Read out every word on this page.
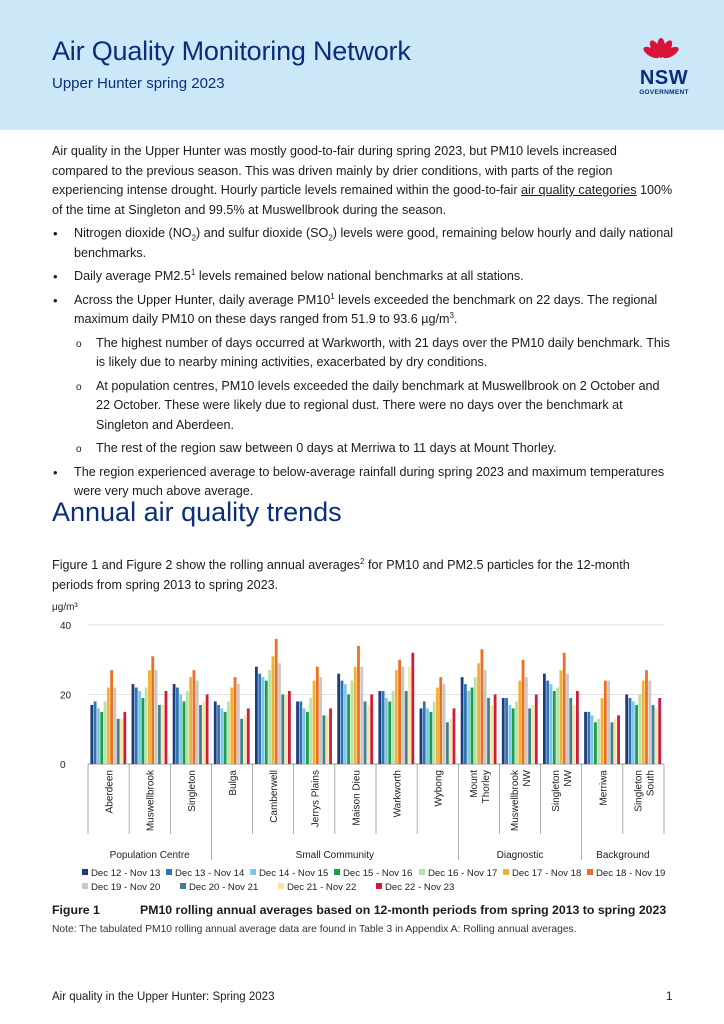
Air Quality Monitoring Network
Upper Hunter spring 2023	NSW
GOVERNMENT
Air quality in the Upper Hunter was mostly good-to-fair during spring 2023, but PM10 levels increased compared to the previous season. This was driven mainly by drier conditions, with parts of the region experiencing intense drought. Hourly particle levels remained within the good-to-fair air quality categories 100% of the time at Singleton and 99.5% at Muswellbrook during the season.
• Nitrogen dioxide $(NO_2)$ and sulfur dioxide $(SO_2)$ levels were good, remaining below hourly and daily national benchmarks.
• Daily average $PM2.5^1$ levels remained below national benchmarks at all stations.
• Across the Upper Hunter, daily average $PM10^1$ levels exceeded the benchmark on 22 days. The regional maximum daily PM10 on these days ranged from 51.9 to 93.6 $\mu g/m^3$.
o The highest number of days occurred at Warkworth, with 21 days over the PM10 daily benchmark. This is likely due to nearby mining activities, exacerbated by dry conditions.
o At population centres, PM10 levels exceeded the daily benchmark at Muswellbrook on 2 October and 22 October. These were likely due to regional dust. There were no days over the benchmark at Singleton and Aberdeen.
o The rest of the region saw between 0 days at Merriwa to 11 days at Mount Thorley.
• The region experienced average to below-average rainfall during spring 2023 and maximum temperatures were very much above average.
Annual air quality trends
Figure 1 and Figure 2 show the rolling annual averages$^2$ for PM10 and PM2.5 particles for the 12-month periods from spring 2013 to spring 2023.
µg/m³
0
20
40
Aberdeen	Muswellbrook	Singleton	Bulga	Camberwell	Jerrys Plains	Maison Dieu	Warkworth	Wybong Mount Thorley Muswellbrook NW Singleton NW Merriwa Singleton South
Population Centre	Small Community	Diagnostic	Background
Dec 12 - Nov 13 Dec 13 - Nov 14 Dec 14 - Nov 15 Dec 15 - Nov 16 Dec 16 - Nov 17 Dec 17 - Nov 18 Dec 18 - Nov 19
Dec 19 - Nov 20	Dec 20 - Nov 21	Dec 21 - Nov 22	Dec 22 - Nov 23
Figure 1	PM10 rolling annual averages based on 12-month periods from spring 2013 to spring 2023
Note: The tabulated PM10 rolling annual average data are found in Table 3 in Appendix A: Rolling annual averages.
Air quality in the Upper Hunter: Spring 2023	1
